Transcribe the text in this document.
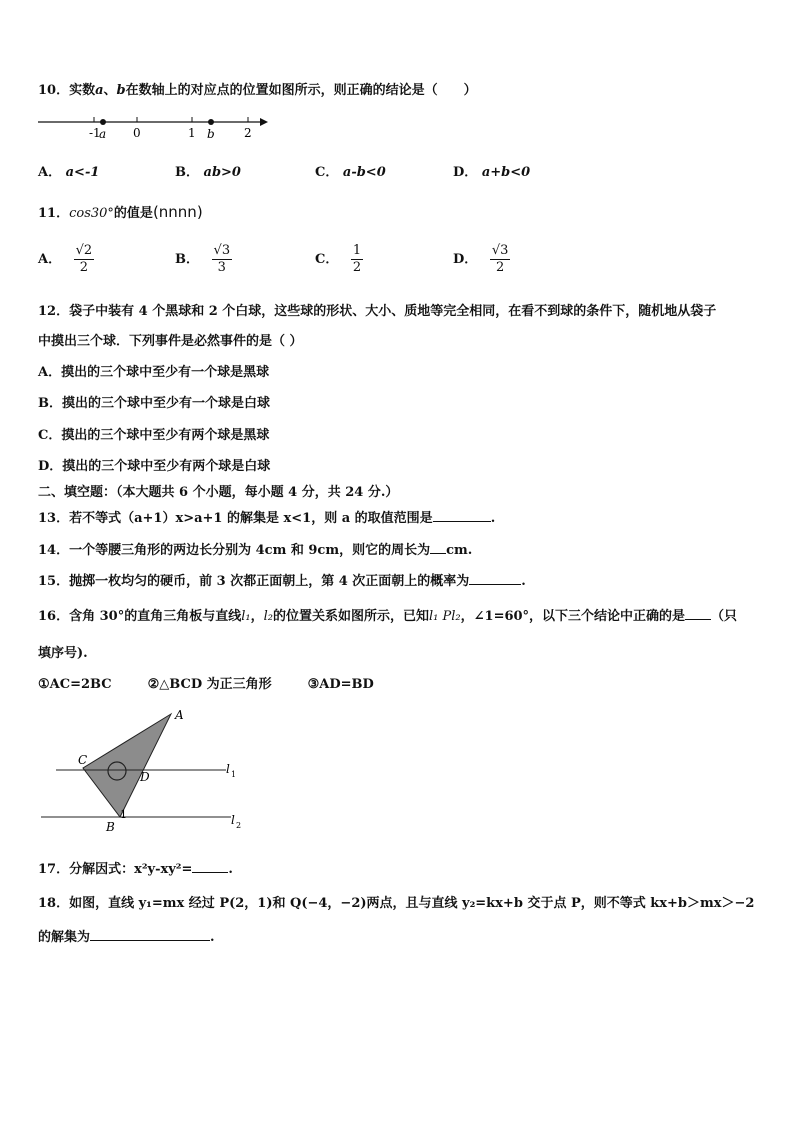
10．实数a、b在数轴上的对应点的位置如图所示，则正确的结论是（　　）
-1
a 0	1 b 2
A． a<-1	B． ab>0	C． a-b<0	D． a+b<0
11．cos30°的值是(nnnn)
A． $\frac{√2}{2}$	B． $\frac{√3}{3}$	C． $\frac{1}{2}$	D． $\frac{√3}{2}$
12．袋子中装有 4 个黑球和 2 个白球，这些球的形状、大小、质地等完全相同，在看不到球的条件下，随机地从袋子
中摸出三个球．下列事件是必然事件的是（ ）
A．摸出的三个球中至少有一个球是黑球
B．摸出的三个球中至少有一个球是白球
C．摸出的三个球中至少有两个球是黑球
D．摸出的三个球中至少有两个球是白球
二、填空题：（本大题共 6 个小题，每小题 4 分，共 24 分.）
13．若不等式（a+1）x>a+1 的解集是 x<1，则 a 的取值范围是	.
14．一个等腰三角形的两边长分别为 4cm 和 9cm，则它的周长为 cm.
15．抛掷一枚均匀的硬币，前 3 次都正面朝上，第 4 次正面朝上的概率为	.
16．含角 30°的直角三角板与直线l₁，l₂的位置关系如图所示，已知l₁ Pl₂，∠1=60°，以下三个结论中正确的是 （只
填序号).
①AC=2BC	②△BCD 为正三角形	③AD=BD
A
C
D
B
1
l 1
l 2
17．分解因式：x²y-xy²=	.
18．如图，直线 y₁=mx 经过 P(2，1)和 Q(−4，−2)两点，且与直线 y₂=kx+b 交于点 P，则不等式 kx+b＞mx＞−2
的解集为	.
